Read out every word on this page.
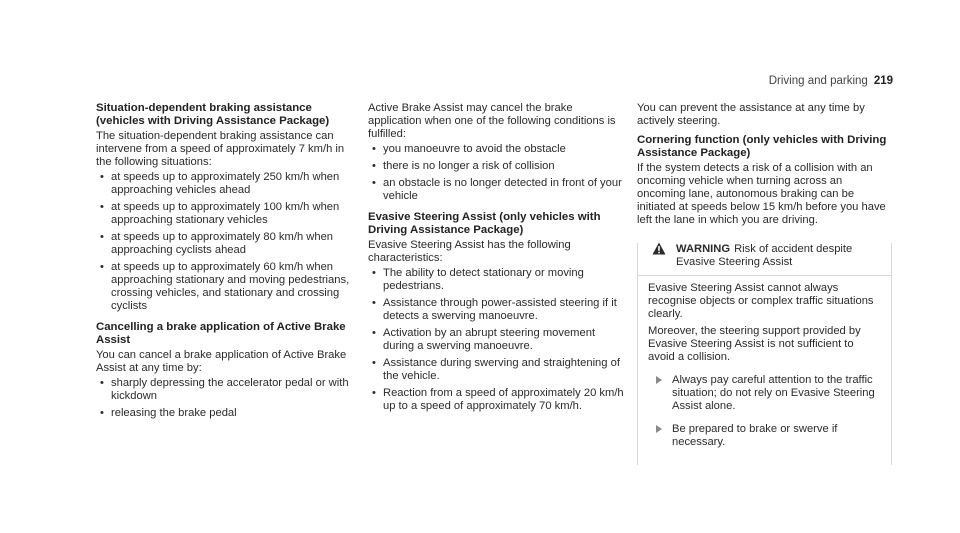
Driving and parking 219
Situation-dependent braking assistance (vehicles with Driving Assistance Package)

The situation-dependent braking assistance can intervene from a speed of approximately 7 km/h in the following situations:

• at speeds up to approximately 250 km/h when approaching vehicles ahead
• at speeds up to approximately 100 km/h when approaching stationary vehicles
• at speeds up to approximately 80 km/h when approaching cyclists ahead
• at speeds up to approximately 60 km/h when approaching stationary and moving pedestrians, crossing vehicles, and stationary and crossing cyclists
Cancelling a brake application of Active Brake Assist

You can cancel a brake application of Active Brake Assist at any time by:

• sharply depressing the accelerator pedal or with kickdown
• releasing the brake pedal

Active Brake Assist may cancel the brake application when one of the following conditions is fulfilled:

• you manoeuvre to avoid the obstacle
• there is no longer a risk of collision
• an obstacle is no longer detected in front of your vehicle
Evasive Steering Assist (only vehicles with Driving Assistance Package)

Evasive Steering Assist has the following characteristics:

• The ability to detect stationary or moving pedestrians.
• Assistance through power-assisted steering if it detects a swerving manoeuvre.
• Activation by an abrupt steering movement during a swerving manoeuvre.
• Assistance during swerving and straightening of the vehicle.
• Reaction from a speed of approximately 20 km/h up to a speed of approximately 70 km/h.

You can prevent the assistance at any time by actively steering.

Cornering function (only vehicles with Driving Assistance Package)

If the system detects a risk of a collision with an oncoming vehicle when turning across an oncoming lane, autonomous braking can be initiated at speeds below 15 km/h before you have left the lane in which you are driving.

WARNING Risk of accident despite Evasive Steering Assist

Evasive Steering Assist cannot always recognise objects or complex traffic situations clearly.

Moreover, the steering support provided by Evasive Steering Assist is not sufficient to avoid a collision.

Always pay careful attention to the traffic situation; do not rely on Evasive Steering Assist alone.
Be prepared to brake or swerve if necessary.
